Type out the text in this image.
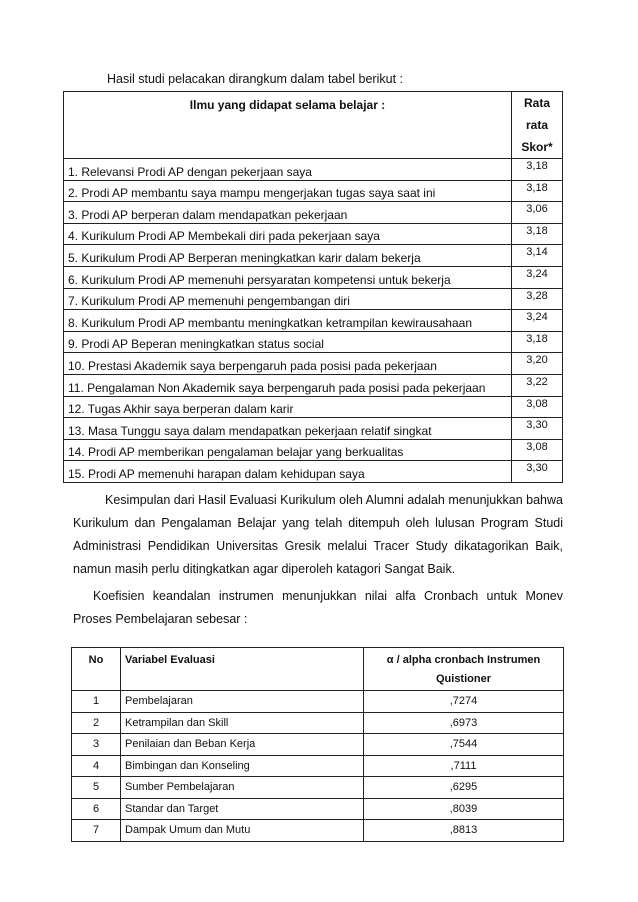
Hasil studi pelacakan dirangkum dalam tabel berikut :
Ilmu yang didapat selama belajar :	Rata
rata
Skor*
1. Relevansi Prodi AP dengan pekerjaan saya	3,18
2. Prodi AP membantu saya mampu mengerjakan tugas saya saat ini	3,18
3. Prodi AP berperan dalam mendapatkan pekerjaan	3,06
4. Kurikulum Prodi AP Membekali diri pada pekerjaan saya	3,18
5. Kurikulum Prodi AP Berperan meningkatkan karir dalam bekerja	3,14
6. Kurikulum Prodi AP memenuhi persyaratan kompetensi untuk bekerja	3,24
7. Kurikulum Prodi AP memenuhi pengembangan diri	3,28
8. Kurikulum Prodi AP membantu meningkatkan ketrampilan kewirausahaan	3,24
9. Prodi AP Beperan meningkatkan status social	3,18
10. Prestasi Akademik saya berpengaruh pada posisi pada pekerjaan	3,20
11. Pengalaman Non Akademik saya berpengaruh pada posisi pada pekerjaan	3,22
12. Tugas Akhir saya berperan dalam karir	3,08
13. Masa Tunggu saya dalam mendapatkan pekerjaan relatif singkat	3,30
14. Prodi AP memberikan pengalaman belajar yang berkualitas	3,08
15. Prodi AP memenuhi harapan dalam kehidupan saya	3,30
Kesimpulan dari Hasil Evaluasi Kurikulum oleh Alumni adalah menunjukkan bahwa Kurikulum dan Pengalaman Belajar yang telah ditempuh oleh lulusan Program Studi Administrasi Pendidikan Universitas Gresik melalui Tracer Study dikatagorikan Baik, namun masih perlu ditingkatkan agar diperoleh katagori Sangat Baik.
Koefisien keandalan instrumen menunjukkan nilai alfa Cronbach untuk Monev Proses Pembelajaran sebesar :
No	Variabel Evaluasi	α / alpha cronbach Instrumen Quistioner
1	Pembelajaran	,7274
2	Ketrampilan dan Skill	,6973
3	Penilaian dan Beban Kerja	,7544
4	Bimbingan dan Konseling	,7111
5	Sumber Pembelajaran	,6295
6	Standar dan Target	,8039
7	Dampak Umum dan Mutu	,8813
